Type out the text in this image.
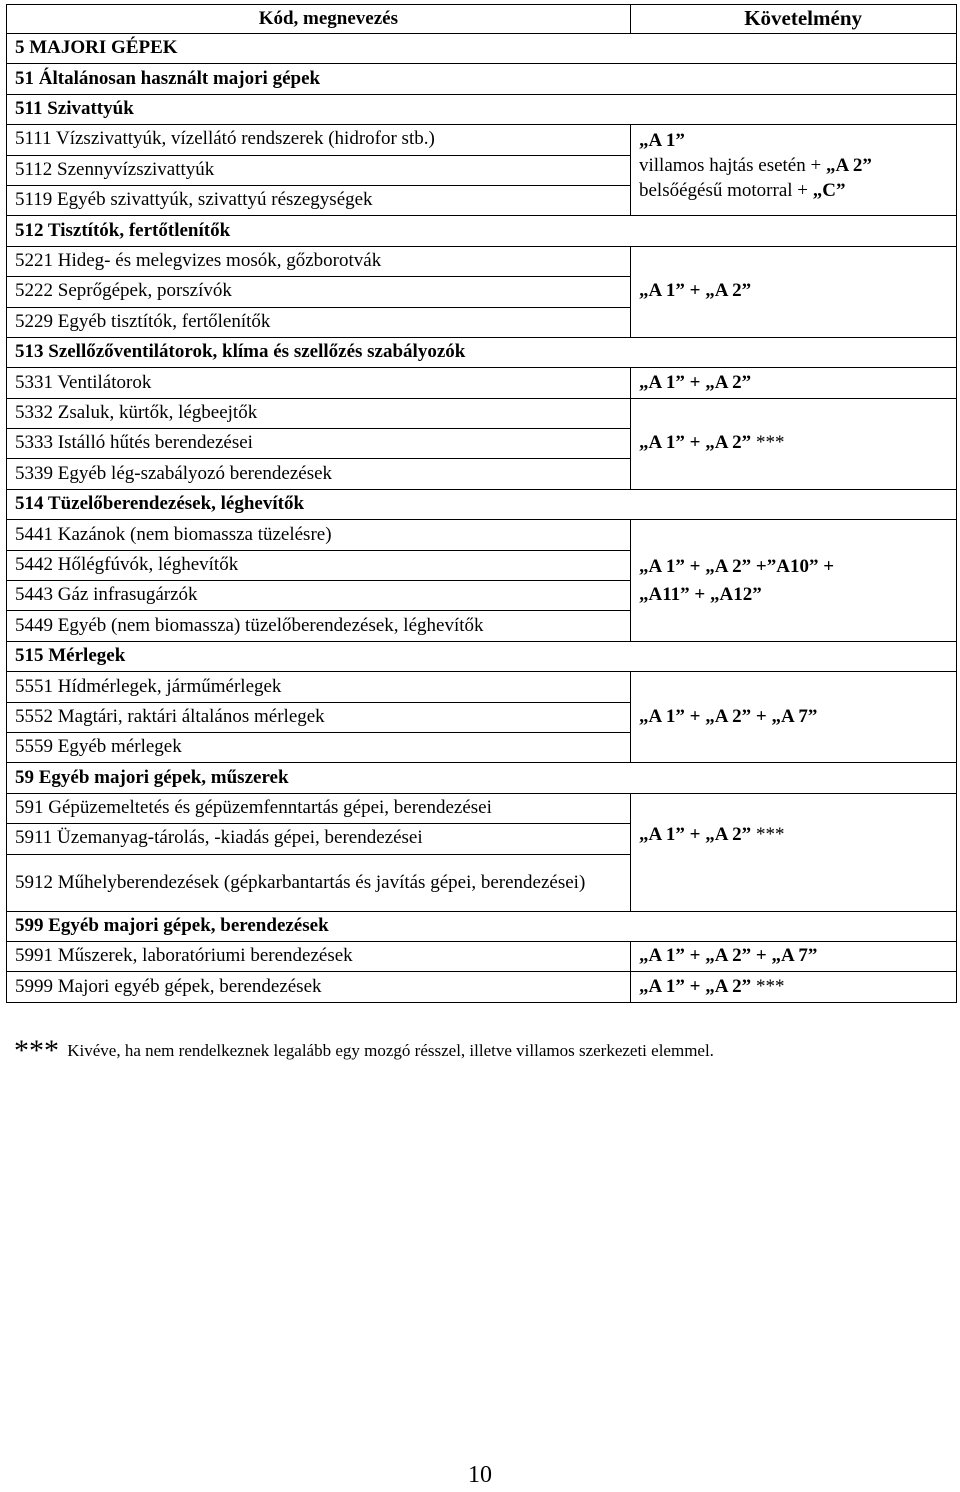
Kód, megnevezés	Követelmény
5 MAJORI GÉPEK	
51 Általánosan használt majori gépek	
511 Szivattyúk	
5111 Vízszivattyúk, vízellátó rendszerek (hidrofor stb.)	„A 1”
villamos hajtás esetén + „A 2”
belsőégésű motorral + „C”

5112 Szennyvízszivattyúk	
5119 Egyéb szivattyúk, szivattyú részegységek	
512 Tisztítók, fertőtlenítők	
5221 Hideg- és melegvizes mosók, gőzborotvák	„A 1” + „A 2”
5222 Seprőgépek, porszívók	
5229 Egyéb tisztítók, fertőlenítők	
513 Szellőzőventilátorok, klíma és szellőzés szabályozók	
5331 Ventilátorok	„A 1” + „A 2”
5332 Zsaluk, kürtők, légbeejtők	„A 1” + „A 2” ***
5333 Istálló hűtés berendezései	
5339 Egyéb lég-szabályozó berendezések	
514 Tüzelőberendezések, léghevítők	
5441 Kazánok (nem biomassza tüzelésre)	„A 1” + „A 2” +”A10” +
„A11” + „A12”

5442 Hőlégfúvók, léghevítők	
5443 Gáz infrasugárzók	
5449 Egyéb (nem biomassza) tüzelőberendezések, léghevítők	
515 Mérlegek	
5551 Hídmérlegek, járműmérlegek	„A 1” + „A 2” + „A 7”
5552 Magtári, raktári általános mérlegek	
5559 Egyéb mérlegek	
59 Egyéb majori gépek, műszerek	
591 Gépüzemeltetés és gépüzemfenntartás gépei, berendezései	„A 1” + „A 2” ***
5911 Üzemanyag-tárolás, -kiadás gépei, berendezései	
5912 Műhelyberendezések (gépkarbantartás és javítás gépei, berendezései)	
599 Egyéb majori gépek, berendezések	
5991 Műszerek, laboratóriumi berendezések	„A 1” + „A 2” + „A 7”
5999 Majori egyéb gépek, berendezések	„A 1” + „A 2” ***
*** Kivéve, ha nem rendelkeznek legalább egy mozgó résszel, illetve villamos szerkezeti elemmel.
10
